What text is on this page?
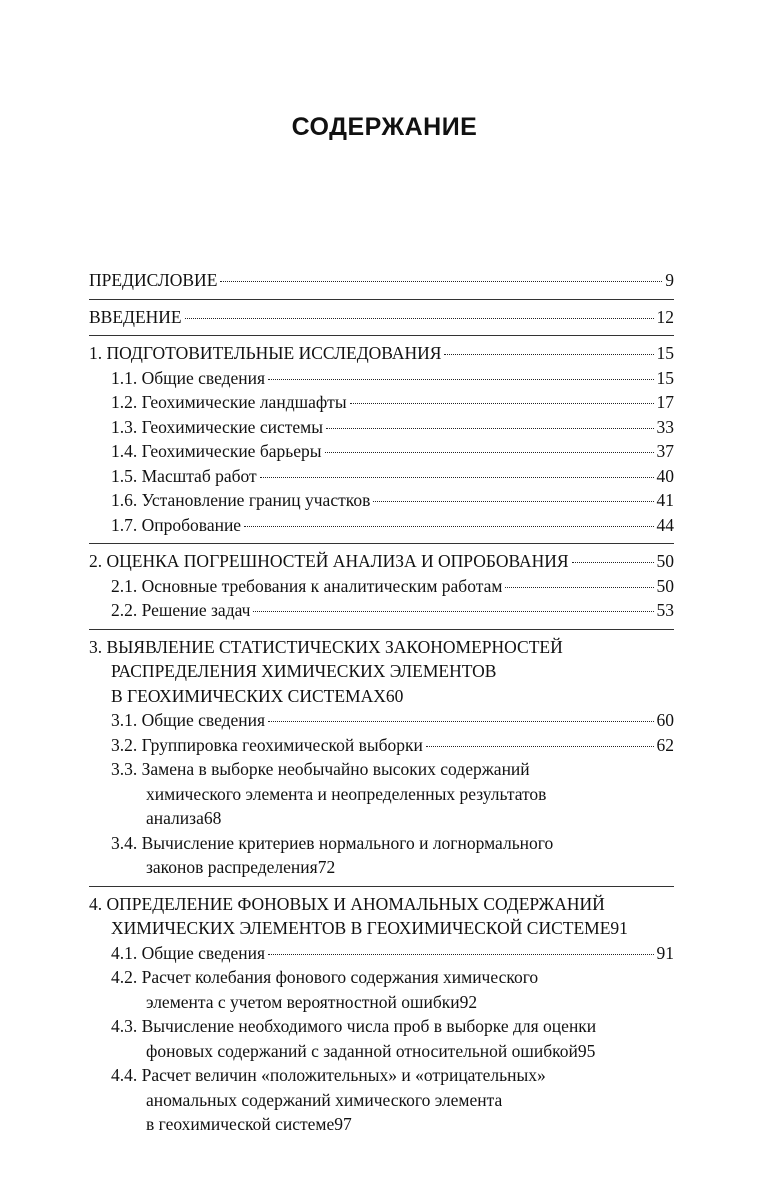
СОДЕРЖАНИЕ
ПРЕДИСЛОВИЕ	9
ВВЕДЕНИЕ	12
1. ПОДГОТОВИТЕЛЬНЫЕ ИССЛЕДОВАНИЯ	15
1.1. Общие сведения	15
1.2. Геохимические ландшафты	17
1.3. Геохимические системы	33
1.4. Геохимические барьеры	37
1.5. Масштаб работ	40
1.6. Установление границ участков	41
1.7. Опробование	44
2. ОЦЕНКА ПОГРЕШНОСТЕЙ АНАЛИЗА И ОПРОБОВАНИЯ	50
2.1. Основные требования к аналитическим работам	50
2.2. Решение задач	53
3. ВЫЯВЛЕНИЕ СТАТИСТИЧЕСКИХ ЗАКОНОМЕРНОСТЕЙ
РАСПРЕДЕЛЕНИЯ ХИМИЧЕСКИХ ЭЛЕМЕНТОВ
В ГЕОХИМИЧЕСКИХ СИСТЕМАХ 60
3.1. Общие сведения	60
3.2. Группировка геохимической выборки	62
3.3. Замена в выборке необычайно высоких содержаний
химического элемента и неопределенных результатов
анализа 68
3.4. Вычисление критериев нормального и логнормального
законов распределения 72
4. ОПРЕДЕЛЕНИЕ ФОНОВЫХ И АНОМАЛЬНЫХ СОДЕРЖАНИЙ
ХИМИЧЕСКИХ ЭЛЕМЕНТОВ В ГЕОХИМИЧЕСКОЙ СИСТЕМЕ 91
4.1. Общие сведения	91
4.2. Расчет колебания фонового содержания химического
элемента с учетом вероятностной ошибки 92
4.3. Вычисление необходимого числа проб в выборке для оценки
фоновых содержаний с заданной относительной ошибкой 95
4.4. Расчет величин «положительных» и «отрицательных»
аномальных содержаний химического элемента
в геохимической системе 97
